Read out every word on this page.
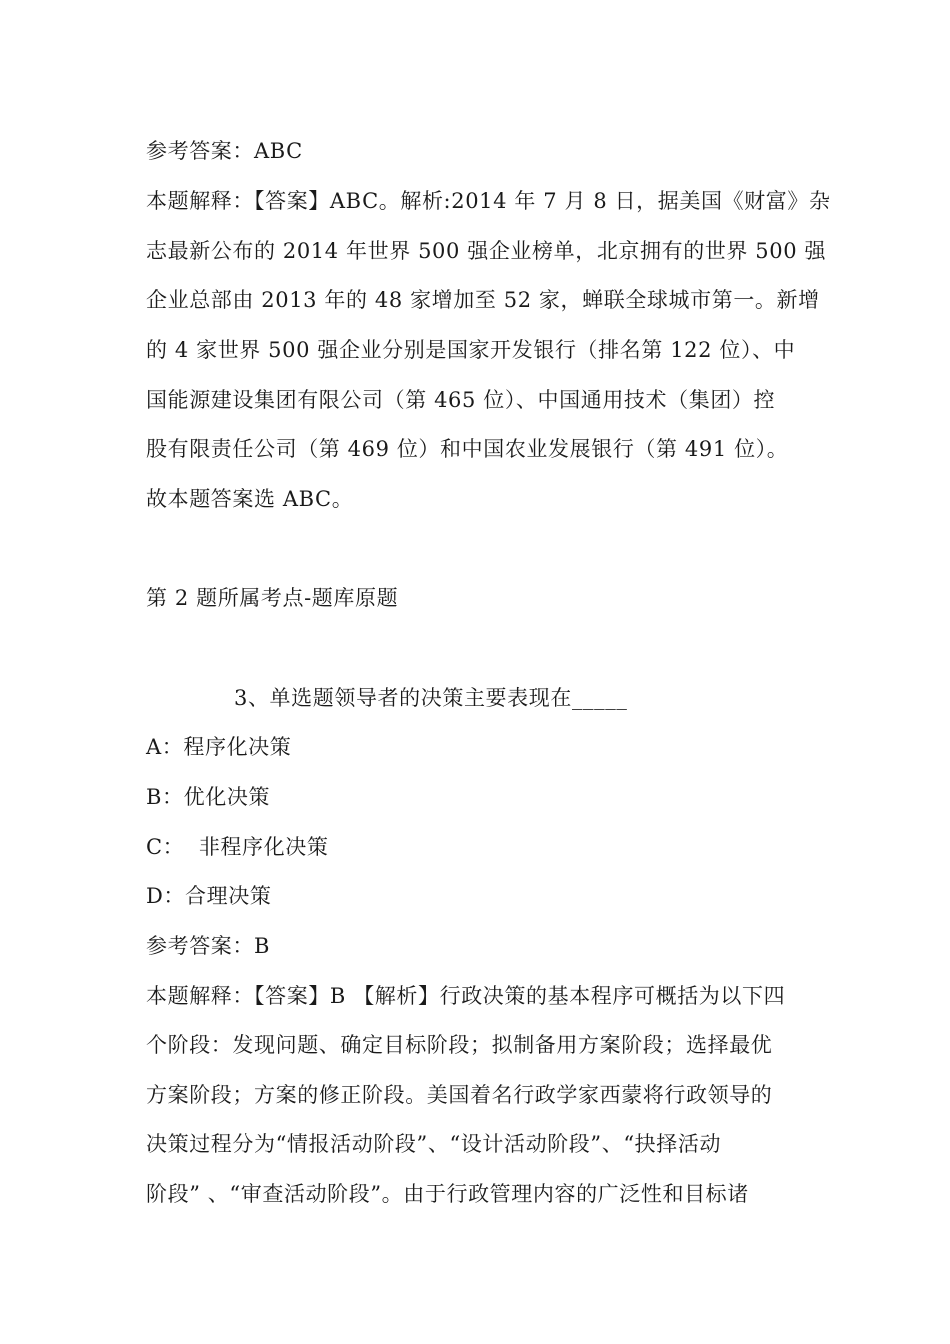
参考答案：ABC
本题解释：【答案】ABC。解析:2014 年 7 月 8 日，据美国《财富》杂
志最新公布的 2014 年世界 500 强企业榜单，北京拥有的世界 500 强
企业总部由 2013 年的 48 家增加至 52 家，蝉联全球城市第一。新增
的 4 家世界 500 强企业分别是国家开发银行（排名第 122 位）、中
国能源建设集团有限公司（第 465 位）、中国通用技术（集团）控
股有限责任公司（第 469 位）和中国农业发展银行（第 491 位）。
故本题答案选 ABC。
第 2 题所属考点-题库原题
3、单选题领导者的决策主要表现在_____
A：程序化决策
B：优化决策
C：  非程序化决策
D：合理决策
参考答案：B
本题解释：【答案】B 【解析】行政决策的基本程序可概括为以下四
个阶段：发现问题、确定目标阶段；拟制备用方案阶段；选择最优
方案阶段；方案的修正阶段。美国着名行政学家西蒙将行政领导的
决策过程分为“情报活动阶段”、“设计活动阶段”、“抉择活动
阶段” 、“审查活动阶段”。由于行政管理内容的广泛性和目标诸
